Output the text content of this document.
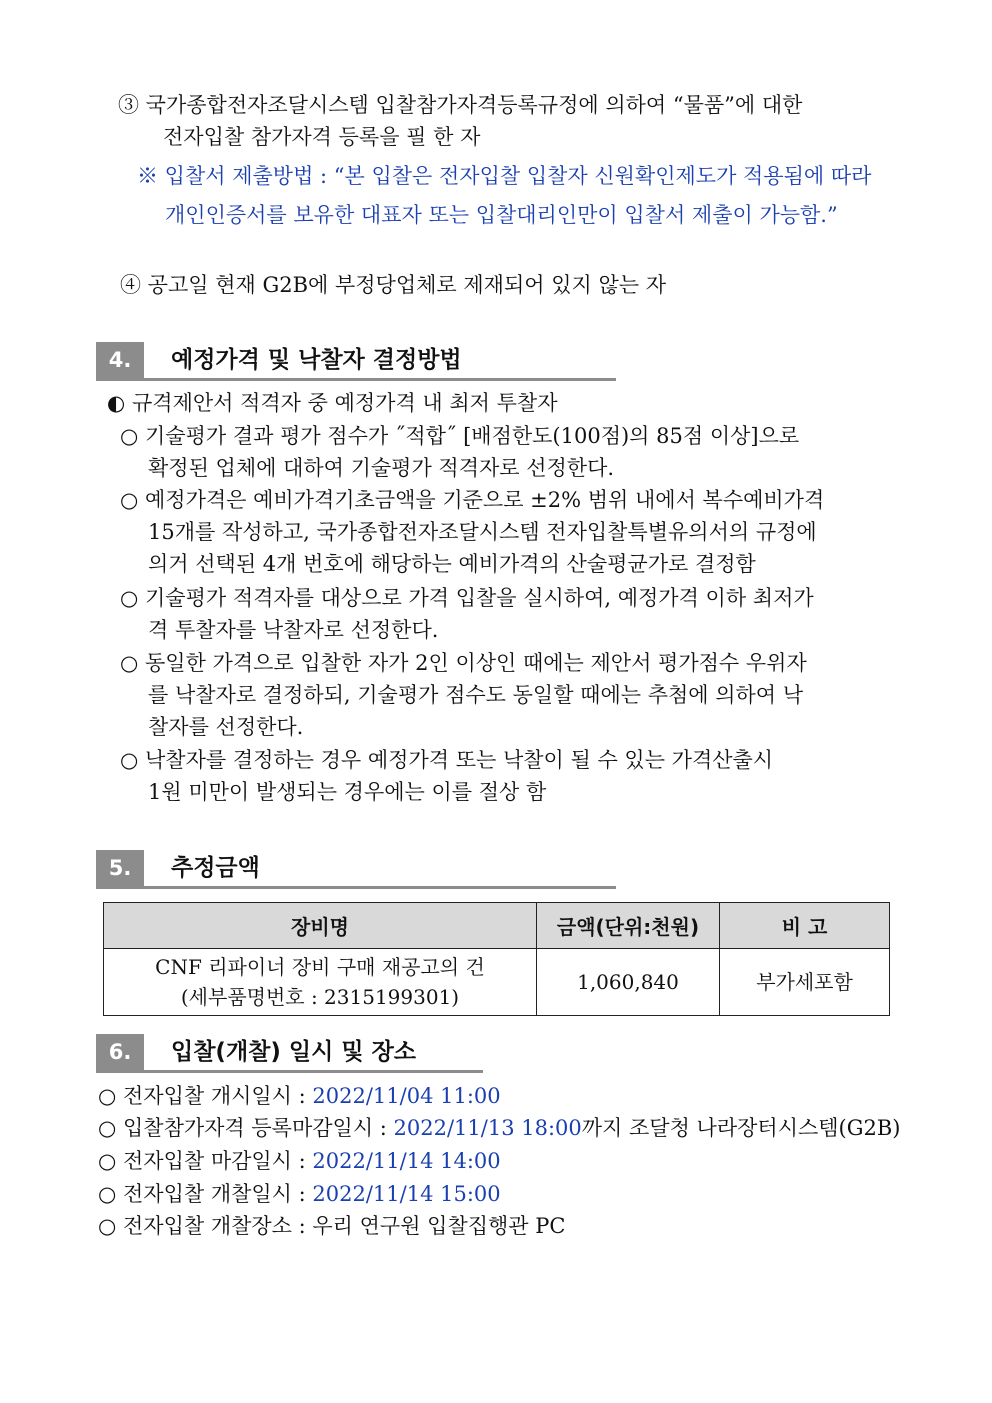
③ 국가종합전자조달시스템 입찰참가자격등록규정에 의하여 “물품”에 대한
전자입찰 참가자격 등록을 필 한 자
※ 입찰서 제출방법 : “본 입찰은 전자입찰 입찰자 신원확인제도가 적용됨에 따라
개인인증서를 보유한 대표자 또는 입찰대리인만이 입찰서 제출이 가능함.”
④ 공고일 현재 G2B에 부정당업체로 제재되어 있지 않는 자
4.	예정가격 및 낙찰자 결정방법
◐ 규격제안서 적격자 중 예정가격 내 최저 투찰자
○ 기술평가 결과 평가 점수가 ˝적합˝ [배점한도(100점)의 85점 이상]으로
확정된 업체에 대하여 기술평가 적격자로 선정한다.
○ 예정가격은 예비가격기초금액을 기준으로 ±2% 범위 내에서 복수예비가격
15개를 작성하고, 국가종합전자조달시스템 전자입찰특별유의서의 규정에
의거 선택된 4개 번호에 해당하는 예비가격의 산술평균가로 결정함
○ 기술평가 적격자를 대상으로 가격 입찰을 실시하여, 예정가격 이하 최저가
격 투찰자를 낙찰자로 선정한다.
○ 동일한 가격으로 입찰한 자가 2인 이상인 때에는 제안서 평가점수 우위자
를 낙찰자로 결정하되, 기술평가 점수도 동일할 때에는 추첨에 의하여 낙
찰자를 선정한다.
○ 낙찰자를 결정하는 경우 예정가격 또는 낙찰이 될 수 있는 가격산출시
1원 미만이 발생되는 경우에는 이를 절상 함
5.	추정금액
장비명	금액(단위:천원)	비 고

CNF 리파이너 장비 구매 재공고의 건
(세부품명번호 : 2315199301)	1,060,840	부가세포함
6.	입찰(개찰) 일시 및 장소
○ 전자입찰 개시일시 : 2022/11/04 11:00
○ 입찰참가자격 등록마감일시 : 2022/11/13 18:00까지 조달청 나라장터시스템(G2B)
○ 전자입찰 마감일시 : 2022/11/14 14:00
○ 전자입찰 개찰일시 : 2022/11/14 15:00
○ 전자입찰 개찰장소 : 우리 연구원 입찰집행관 PC
